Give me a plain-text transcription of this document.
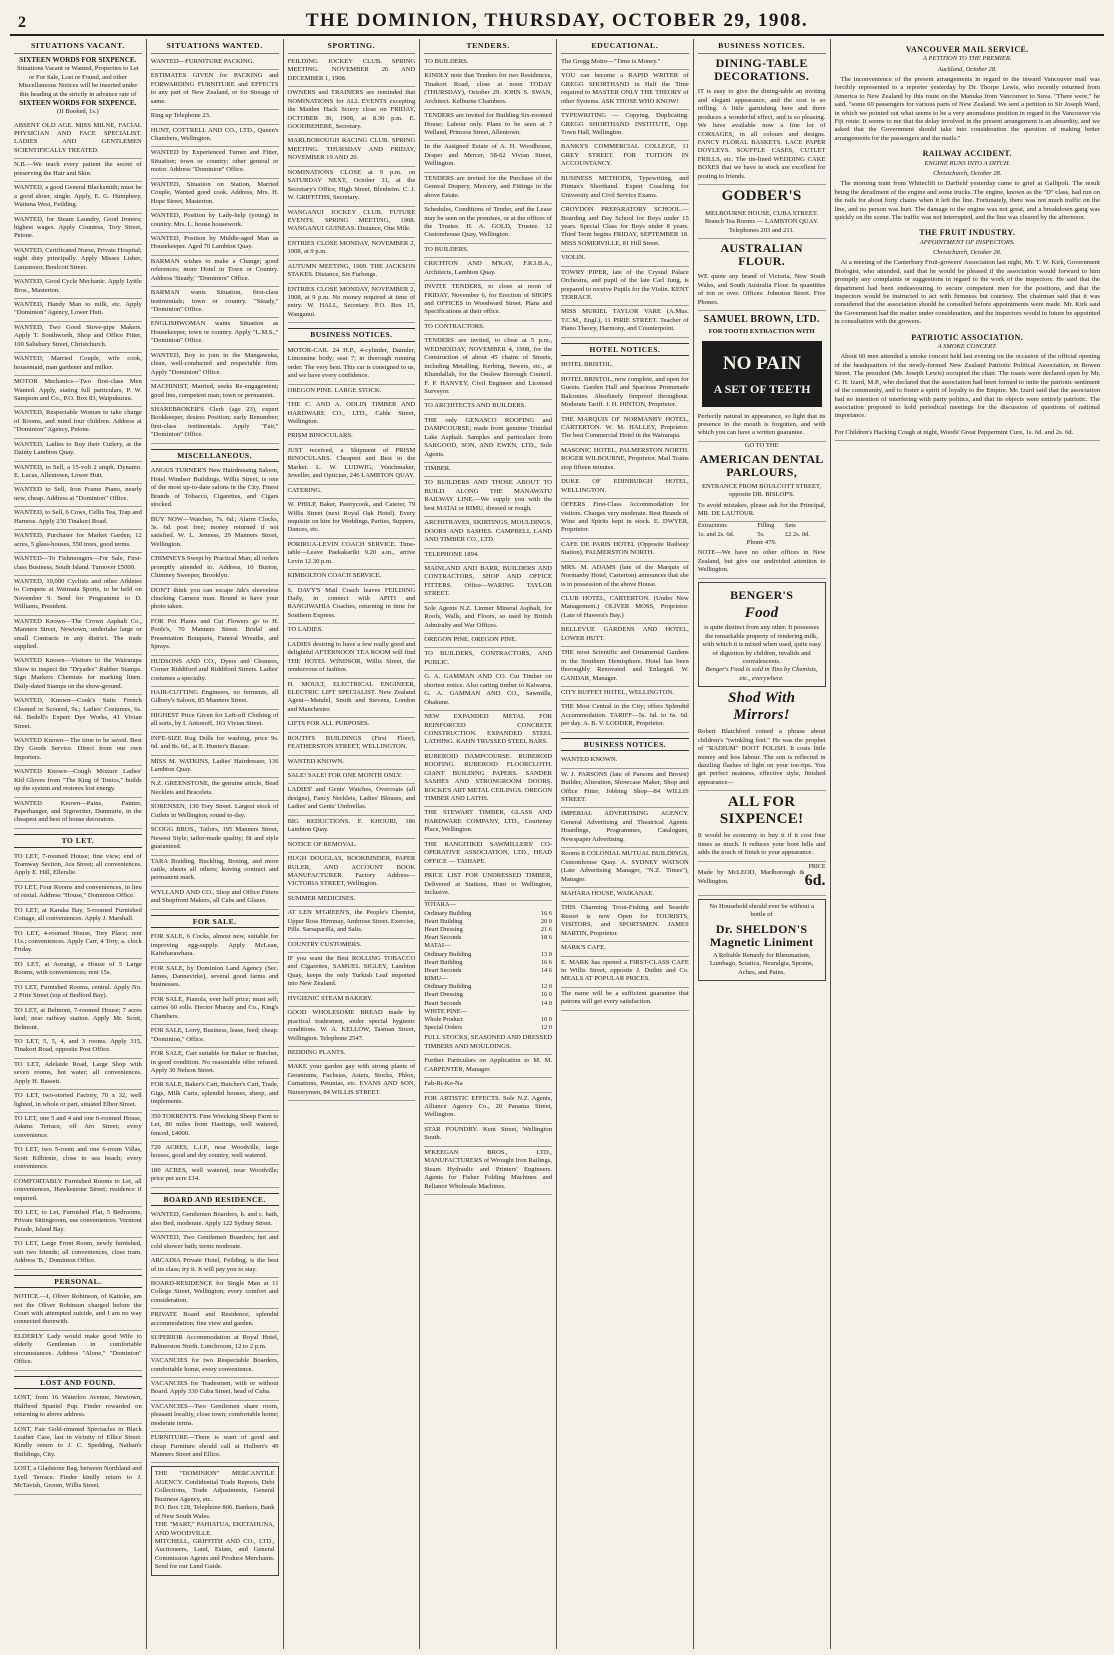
2	THE DOMINION, THURSDAY, OCTOBER 29, 1908.
SITUATIONS VACANT.
SIXTEEN WORDS FOR SIXPENCE.
Situations Vacant or Wanted, Properties to Let or For Sale, Lost or Found, and other Miscellaneous Notices will be inserted under this heading at the strictly in advance rate of
SIXTEEN WORDS FOR SIXPENCE.
(If Booked, 1s.)
ABSENT OLD AGE. MISS MILNE, FACIAL PHYSICIAN AND FACE SPECIALIST. LADIES AND GENTLEMEN SCIENTIFICALLY TREATED.
N.B.—We teach every patient the secret of preserving the Hair and Skin.
WANTED, a good General Blacksmith; must be a good shoer, single. Apply, E. G. Humphrey, Waituna West, Feilding.
WANTED, for Steam Laundry, Good Ironers; highest wages. Apply Countess, Tory Street, Petone.
WANTED, Certificated Nurse, Private Hospital; night duty principally. Apply Misses Lisher, Lamsmoor, Boulcott Street.
WANTED, Good Cycle Mechanic. Apply Lyttle Bros., Masterton.
WANTED, Handy Man to milk, etc. Apply "Dominion" Agency, Lower Hutt.
WANTED, Two Good Stove-pipe Makers. Apply T. Southworth, Shop and Office Fitter, 100 Salisbury Street, Christchurch.
WANTED, Married Couple, wife cook, housemaid, man gardener and milker.
MOTOR Mechanics—Two first-class Men Wanted. Apply, stating full particulars, P. W. Sampson and Co., P.O. Box 83, Waipukurau.
WANTED, Respectable Woman to take charge of Rooms, and mind four children. Address at "Dominion" Agency, Petone.
WANTED, Ladies to Buy their Cutlery, at the Dainty Lambton Quay.
WANTED, to Sell, a 15-volt 2 amph. Dynamo. E. Lucas, Allentown, Lower Hutt.
WANTED to Sell, Iron Frame Piano, nearly new, cheap. Address at "Dominion" Office.
WANTED, to Sell, 6 Cows, Cellis Tea, Trap and Harness. Apply 230 Tinakori Road.
WANTED, Purchaser for Market Garden, 12 acres, 5 glass-houses, 550 trees, good terms.
WANTED—To Fishmongers—For Sale, First-class Business, South Island. Turnover £5000.
WANTED, 10,000 Cyclists and other Athletes to Compete at Waimata Sports, to be held on November 9. Send for Programme to D. Williams, President.
WANTED Known—The Crown Asphalt Co., Manners Street, Newtown, undertake large or small Contracts in any district. The trade supplied.
WANTED Known—Visitors to the Wairarapa Show to inspect the "Dryades" Rubber Stamps. Sign Markers Chemists for marking linen. Daily-dated Stamps on the show-ground.
WANTED, Known—Cook's Suits French Cleaned or Scoured, 9s.; Ladies' Costumes, 6s. 6d. Bedell's Expert Dye Works, 41 Vivian Street.
WANTED Known—The time to be saved. Best Dry Goods Service. Direct from our own Importers.
WANTED Known—Cough Mixture Ladies' Kid Gloves from "The King of Tonics," builds up the system and restores lost energy.
WANTED Known—Pains, Painter, Paperhanger, and Signwriter, Dunmurie, in the cheapest and best of house decorators.
TO LET.
TO LET, 7-roomed House; fine view; end of Tramway Section, Ara Street; all conveniences. Apply E. Hill, Ellerslie.
TO LET, Four Rooms and conveniences, in lieu of rental. Address "House," Dominion Office.
TO LET, at Karaka Bay, 5-roomed Furnished Cottage, all conveniences. Apply J. Marshall.
TO LET, 4-roomed House, Tory Place; rent 11s.; conveniences. Apply Carr, 4 Tory, a. clock Friday.
TO LET, at Aorangi, a House of 5 Large Rooms, with conveniences; rent 15s.
TO LET, Furnished Rooms, central. Apply No. 2 Pirie Street (top of Bedford Bay).
TO LET, at Belmont, 7-roomed House; 7 acres land; near railway station. Apply Mr. Scott, Belmont.
TO LET, 5, 5, 4, and 3 rooms. Apply 315, Tinakori Road, opposite Post Office.
TO LET, Adelaide Road, Large Shop with seven rooms, hot water; all conveniences. Apply H. Bassett.
TO LET, two-storied Factory, 70 x 32, well lighted, in whole or part, situated Elbor Street.
TO LET, one 5 and 4 and one 6-roomed House, Adams Terrace, off Aro Street; every convenience.
TO LET, two 5-room and one 6-room Villas, Scott Kilbirnie, close to sea beach; every convenience.
COMFORTABLY Furnished Rooms to Let, all conveniences, Hawkestone Street; residence if required.
TO LET, to Let, Furnished Flat, 5 Bedrooms, Private Sittingroom, use conveniences. Vermont Parade, Island Bay.
TO LET, Large Front Room, newly furnished, suit two friends; all conveniences, close tram. Address 'B.,' Dominion Office.
PERSONAL.
NOTICE.—I, Oliver Robinson, of Kaitoke, am not the Oliver Robinson charged before the Court with attempted suicide, and I am no way connected therewith.
ELDERLY Lady would make good Wife to elderly Gentleman in comfortable circumstances. Address "Alone," "Dominion" Office.
LOST AND FOUND.
LOST, from 16 Waterloo Avenue, Newtown, Halfbred Spaniel Pup. Finder rewarded on returning to above address.
LOST, Fair Gold-rimmed Spectacles in Black Leather Case, last in vicinity of Ellice Street. Kindly return to J. C. Spedding, Nathan's Buildings, City.
LOST, a Gladstone Bag, between Northland and Lyell Terrace. Finder kindly return to J. McTavish, Groom, Willis Street.
SITUATIONS WANTED.
WANTED—FURNITURE PACKING.
ESTIMATES GIVEN for PACKING and FORWARDING FURNITURE and EFFECTS to any part of New Zealand, or for Storage of same.
Ring up Telephone 23.
HUNT, COTTRELL AND CO., LTD., Queen's Chambers, Wellington.
WANTED by Experienced Turner and Fitter, Situation; town or country; other general or motor. Address "Dominion" Office.
WANTED, Situation on Station, Married Couple, Wanted good cook. Address, Mrs. H. Hope Street, Masterton.
WANTED, Position by Lady-help (young) in country. Mrs. L. house housework.
WANTED, Position by Middle-aged Man as Housekeeper. Aged 70 Lambton Quay.
BARMAN wishes to make a Change; good references; more Hotel in Town or Country. Address 'Steady,' "Dominion" Office.
BARMAN wants Situation, first-class testimonials; town or country. "Steady," "Dominion" Office.
ENGLISHWOMAN wants Situation as Housekeeper, town or country. Apply "L.M.S.," "Dominion" Office.
WANTED, Boy to join in the Mangaweka, clean, well-conducted and respectable firm. Apply "Dominion" Office.
MACHINIST, Married, seeks Re-engagement; good line, competent man; town or permanent.
SHAREBROKER'S Clerk (age 23), expert Bookkeeper, desires Position; early Renumber; first-class testimonials. Apply "Fair," "Dominion" Office.
MISCELLANEOUS.
ANGUS TURNER'S New Hairdressing Saloon, Hotel Windsor Buildings, Willis Street, is one of the most up-to-date salons in the City. Finest Brands of Tobacco, Cigarettes, and Cigars stocked.
BUY NOW—Watches, 7s. 6d.; Alarm Clocks, 3s. 6d. post free; money returned if not satisfied. W. L. Jenness, 29 Manners Street, Wellington.
CHIMNEYS Swept by Practical Man; all orders promptly attended to. Address, 10 Burton, Chimney Sweeper, Brooklyn.
DON'T think you can escape Jak's sleeveless chucking Camera man. Bound to have your photo taken.
FOR Pot Plants and Cut Flowers go to H. Poole's, 70 Manners Street. Bridal and Presentation Bouquets, Funeral Wreaths, and Sprays.
HUDSONS AND CO., Dyers and Cleaners, Corner Riddiford and Riddiford Streets. Ladies' costumes a specialty.
HAIR-CUTTING Engineers, no ferments, all Gilbery's Saloon, 85 Manners Street.
HIGHEST Price Given for Left-off Clothing of all sorts, by I. Antonoff, 163 Vivian Street.
INFE-SIZE Rug Dolls for washing, price 9s. 6d. and 8s. 6d., at E. Hunter's Bazaar.
MISS M. WATKINS, Ladies' Hairdresser, 136 Lambton Quay.
N.Z. GREENSTONE, the genuine article, Bead Necklets and Bracelets.
SORENSEN, 130 Tory Street. Largest stock of Cutlets in Wellington, round to-day.
SCOGG BROS., Tailors, 195 Manners Street, Newest Style; tailor-made quality; fit and style guaranteed.
TARA Braiding, Buckling, Boxing, and more cattle, sheets all others; leaving contract and permanent mark.
WYLLAND AND CO., Shop and Office Fitters and Shopfront Makers, all Cabs and Glazes.
FOR SALE.
FOR SALE, 6 Cocks, almost new, suitable for improving egg-supply. Apply McLean, Kaiwharawhara.
FOR SALE, by Dominion Land Agency (Sec. James, Dannevirke), several good farms and businesses.
FOR SALE, Pianola, ever half price; must sell; carries 60 rolls. Hector Murray and Co., King's Chambers.
FOR SALE, Lorry, Business, lease, feed; cheap. "Dominion," Office.
FOR SALE, Cart suitable for Baker or Butcher, in good condition. No reasonable offer refused. Apply 30 Nelson Street.
FOR SALE, Baker's Cart, Butcher's Cart, Trade, Gigs, Milk Carts, splendid houses, sheep, and implements.
350 TORRENTS. Fine Wrecking Sheep Farm to Let, 80 miles from Hastings, well watered, fenced, £4000.
720 ACRES, L.I.P., near Woodville, large houses, good and dry country, well watered.
180 ACRES, well watered, near Woodville; price per acre £14.
BOARD AND RESIDENCE.
WANTED, Gentlemen Boarders, h. and c. bath, also Bed, moderate. Apply 122 Sydney Street.
WANTED, Two Gentlemen Boarders; hot and cold shower bath; terms moderate.
ARCADIA Private Hotel, Feilding, is the best of its class; try it. It will pay you to stay.
BOARD-RESIDENCE for Single Man at 11 College Street, Wellington; every comfort and consideration.
PRIVATE Board and Residence; splendid accommodation; fine view and garden.
SUPERIOR Accommodation at Royal Hotel, Palmerston North. Lunchroom, 12 to 2 p.m.
VACANCIES for two Respectable Boarders, comfortable home, every convenience.
VACANCIES for Tradesmen, with or without Board. Apply 330 Cuba Street, head of Cuba.
VACANCIES—Two Gentlemen share room, pleasant locality, close town; comfortable home; moderate terms.
FURNITURE—There is want of good and cheap Furniture should call at Hulbert's 49 Manners Street and Ellice.
THE "DOMINION" MERCANTILE AGENCY. Confidential Trade Reports, Debt Collections, Trade Adjustments, General Business Agency, etc.
P.O. Box 128, Telephone 806. Bankers, Bank of New South Wales.
THE "MART," PAHIATUA, EKETAHUNA, AND WOODVILLE.
MITCHELL, GRIFFITH AND CO., LTD., Auctioneers, Land, Estate, and General Commission Agents and Produce Merchants. Send for our Land Guide.
SPORTING.
FEILDING JOCKEY CLUB. SPRING MEETING. NOVEMBER 26 AND DECEMBER 1, 1908.
OWNERS and TRAINERS are reminded that NOMINATIONS for ALL EVENTS excepting the Maiden Hack Scurry close on FRIDAY, OCTOBER 30, 1908, at 8.30 p.m. E. GOODBEHERE, Secretary.
MARLBOROUGH RACING CLUB. SPRING MEETING. THURSDAY AND FRIDAY, NOVEMBER 19 AND 20.
NOMINATIONS CLOSE at 9 p.m. on SATURDAY NEXT, October 31, at the Secretary's Office, High Street, Blenheim. C. J. W. GRIFFITHS, Secretary.
WANGANUI JOCKEY CLUB. FUTURE EVENTS. SPRING MEETING, 1908. WANGANUI GUINEAS. Distance, One Mile.
ENTRIES CLOSE MONDAY, NOVEMBER 2, 1908, at 9 p.m.
AUTUMN MEETING, 1909. THE JACKSON STAKES. Distance, Six Furlongs.
ENTRIES CLOSE MONDAY, NOVEMBER 2, 1908, at 9 p.m. No money required at time of entry. W. HALL, Secretary. P.O. Box 15, Wanganui.
BUSINESS NOTICES.
MOTOR-CAR. 24 H.P., 4-cylinder, Daimler, Limousine body; seat 7; in thorough running order. The very best. This car is consigned to us, and we have every confidence.
OREGON PINE. LARGE STOCK.
THE C. AND A. ODLIN TIMBER AND HARDWARE CO., LTD., Cable Street, Wellington.
PRISM BINOCULARS.
JUST received, a Shipment of PRISM BINOCULARS. Cheapest and Best in the Market. L. W. LUDWIG, Watchmaker, Jeweller, and Optician, 246 LAMBTON QUAY.
CATERING.
W. PHILP, Baker, Pastrycook, and Caterer, 79 Willis Street (next Royal Oak Hotel). Every requisite on hire for Weddings, Parties, Suppers, Dances, etc.
PORIRUA-LEVIN COACH SERVICE. Time-table—Leave Paekakariki 9.20 a.m., arrive Levin 12.30 p.m.
KIMBOLTON COACH SERVICE.
S. DAVY'S Mail Coach leaves FEILDING Daily, in connect with APITI and RANGIWAHIA Coaches, returning in time for Southern Express.
TO LADIES.
LADIES desiring to have a few really good and delightful AFTERNOON TEA ROOM will find THE HOTEL WINDSOR, Willis Street, the rendezvous of fashion.
H. MOULT, ELECTRICAL ENGINEER, ELECTRIC LIFT SPECIALIST. New Zealand Agent—Mendel, Smith and Stevens, London and Manchester.
LIFTS FOR ALL PURPOSES.
ROUTH'S BUILDINGS (First Floor), FEATHERSTON STREET, WELLINGTON.
WANTED KNOWN.
SALE! SALE! FOR ONE MONTH ONLY.
LADIES' and Gents' Watches, Overcoats (all designs), Fancy Necklets, Ladies' Blouses, and Ladies' and Gents' Umbrellas.
BIG REDUCTIONS. F. KHOURI, 186 Lambton Quay.
NOTICE OF REMOVAL.
HUGH DOUGLAS, BOOKBINDER, PAPER RULER, AND ACCOUNT BOOK MANUFACTURER. Factory Address—VICTORIA STREET, Wellington.
SUMMER MEDICINES.
AT LEN M'GREEN'S, the People's Chemist, Upper Ross Hirmnay, Ambrose Street. Exercise, Pills. Sarsaparilla, and Salts.
COUNTRY CUSTOMERS.
IF you want the Best ROLLING TOBACCO and Cigarettes, SAMUEL SIGLEY, Lambton Quay, keeps the only Turkish Leaf imported into New Zealand.
HYGIENIC STEAM BAKERY.
GOOD WHOLESOME BREAD made by practical tradesmen, under special hygienic conditions. W. A. KELLOW, Tasman Street, Wellington. Telephone 2547.
BEDDING PLANTS.
MAKE your garden gay with strong plants of Geraniums, Fuchsias, Asters, Stocks, Phlox, Carnations, Petunias, etc. EVANS AND SON, Nurserymen, 84 WILLIS STREET.
TENDERS.
TO BUILDERS.
KINDLY note that Tenders for two Residences, Tinakori Road, close at noon TODAY (THURSDAY), October 29. JOHN S. SWAN, Architect. Kelburne Chambers.
TENDERS are invited for Building Six-roomed House; Labour only. Plans to be seen at 7 Welland, Princess Street, Allentown.
In the Assigned Estate of A. H. Woodhouse, Draper and Mercer, 58-62 Vivian Street, Wellington.
TENDERS are invited for the Purchase of the General Drapery, Mercery, and Fittings in the above Estate.
Schedules, Conditions of Tender, and the Lease may be seen on the premises, or at the offices of the Trustee. H. A. GOLD, Trustee. 12 Customhouse Quay, Wellington.
TO BUILDERS.
CRICHTON AND M'KAY, F.R.I.B.A., Architects, Lambton Quay.
INVITE TENDERS, to close at noon of FRIDAY, November 6, for Erection of SHOPS and OFFICES in Woodward Street. Plans and Specifications at their office.
TO CONTRACTORS.
TENDERS are invited, to close at 5 p.m., WEDNESDAY, NOVEMBER 4, 1908, for the Construction of about 45 chains of Streets, including Metalling, Kerbing, Sewers, etc., at Khandallah, for the Onslow Borough Council. F. P. HANVEY, Civil Engineer and Licensed Surveyor.
TO ARCHITECTS AND BUILDERS.
THE only GENASCO ROOFING and DAMPCOURSE; made from genuine Trinidad Lake Asphalt. Samples and particulars from SARGOOD, SON, AND EWEN, LTD., Sole Agents.
TIMBER.
TO BUILDERS AND THOSE ABOUT TO BUILD ALONG THE MANAWATU RAILWAY LINE.—We supply you with the best MATAI or RIMU, dressed or rough.
ARCHITRAVES, SKIRTINGS, MOULDINGS, DOORS AND SASHES. CAMPBELL LAND AND TIMBER CO., LTD.
TELEPHONE 1894.
MAINLAND AND BARR, BUILDERS AND CONTRACTORS, SHOP AND OFFICE FITTERS. Office—WARING TAYLOR STREET.
Sole Agents N.Z. Linmer Mineral Asphalt, for Roofs, Walls, and Floors, so used by British Admiralty and War Offices.
OREGON PINE. OREGON PINE.
TO BUILDERS, CONTRACTORS, AND PUBLIC.
G. A. GAMMAN AND CO. Cut Timber on shortest notice. Also carting timber to Kaiwarra. G. A. GAMMAN AND CO., Sawmills, Ohakune.
NEW EXPANDED METAL FOR REINFORCED CONCRETE CONSTRUCTION. EXPANDED STEEL LATHING. KAHN TRUSSED STEEL BARS.
RUBEROID DAMPCOURSE. RUBEROID ROOFING. RUBEROID FLOORCLOTH. GIANT BUILDING PAPERS. SANDER SASHES AND STRONGROOM DOORS. ROCKE'S ART METAL CEILINGS. OREGON TIMBER AND LATHS.
THE STEWART TIMBER, GLASS AND HARDWARE COMPANY, LTD., Courtenay Place, Wellington.
THE RANGITIKEI SAWMILLERS' CO-OPERATIVE ASSOCIATION, LTD., HEAD OFFICE — TAIHAPE.
PRICE LIST FOR UNDRESSED TIMBER, Delivered at Stations, Hunt to Wellington, inclusive.
TOTARA—	
Ordinary Building	16 6
Heart Building	20 0
Heart Dressing	21 6
Heart Seconds	18 6
MATAI—	
Ordinary Building	13 0
Heart Building	16 6
Heart Seconds	14 6
RIMU—	
Ordinary Building	12 0
Heart Dressing	16 0
Heart Seconds	14 0
WHITE PINE—	
Whole Product	10 0
Special Orders	12 0
FULL STOCKS, SEASONED AND DRESSED TIMBERS AND MOULDINGS.
Further Particulars on Application to M. M. CARPENTER, Manager.
Fab-Ri-Ko-Na
FOR ARTISTIC EFFECTS. Sole N.Z. Agents, Alliance Agency Co., 20 Panama Street, Wellington.
STAR FOUNDRY. Kent Street, Wellington South.
M'KEEGAN BROS., LTD., MANUFACTURERS of Wrought Iron Railings, Steam Hydraulic and Printers' Engineers. Agents for Fisher Folding Machines and Reliance Wholesale Machines.
EDUCATIONAL.
The Gregg Motto—"Time is Money."
YOU can become a RAPID WRITER of GREGG SHORTHAND in Half the Time required to MASTER ONLY THE THEORY of other Systems. ASK THOSE WHO KNOW!
TYPEWRITING — Copying, Duplicating. GREGG SHORTHAND INSTITUTE, Opp. Town Hall, Wellington.
BANKS'S COMMERCIAL COLLEGE, 11 GREY STREET. FOR TUITION IN ACCOUNTANCY.
BUSINESS METHODS, Typewriting, and Pitman's Shorthand. Expert Coaching for University and Civil Service Exams.
CROYDON PREPARATORY SCHOOL.—Boarding and Day School for Boys under 15 years. Special Class for Boys under 8 years. Third Term begins FRIDAY, SEPTEMBER 18. MISS SOMERVILLE, 81 Hill Street.
VIOLIN.
TOWRY PIPER, late of the Crystal Palace Orchestra, and pupil of the late Carl Jung, is prepared to receive Pupils for the Violin. KENT TERRACE.
MISS MURIEL TAYLOR VARE (A.Mus. T.C.M., Engl.), 11 PIRIE STREET. Teacher of Piano Theory, Harmony, and Counterpoint.
HOTEL NOTICES.
HOTEL BRISTOL.
HOTEL BRISTOL, now complete, and open for Guests. Garden Hall and Spacious Promenade Balconies. Absolutely fireproof throughout. Moderate Tariff. J. H. HINTON, Proprietor.
THE MARQUIS OF NORMANBY HOTEL, CARTERTON. W. M. HALLEY, Proprietor. The best Commercial Hotel in the Wairarapa.
MASONIC HOTEL, PALMERSTON NORTH. ROGER WILBOURNE, Proprietor. Mail Trains stop fifteen minutes.
DUKE OF EDINBURGH HOTEL, WELLINGTON.
OFFERS First-Class Accommodation for visitors. Charges very moderate. Best Brands of Wine and Spirits kept in stock. E. DWYER, Proprietor.
CAFE DE PARIS HOTEL (Opposite Railway Station), PALMERSTON NORTH.
MRS. M. ADAMS (late of the Marquis of Normanby Hotel, Carterton) announces that she is in possession of the above House.
CLUB HOTEL, CARTERTON. (Under New Management.) OLIVER MOSS, Proprietor. (Late of Hawera's Bay.)
BELLEVUE GARDENS AND HOTEL, LOWER HUTT.
THE most Scientific and Ornamental Gardens in the Southern Hemisphere. Hotel has been thoroughly Renovated and Enlarged. W. GANDAR, Manager.
CITY BUFFET HOTEL, WELLINGTON.
THE Most Central in the City; offers Splendid Accommodation. TARIFF—5s. 6d. to 6s. 6d. per day. A. B. V. LODDER, Proprietor.
BUSINESS NOTICES.
WANTED KNOWN.
W. J. PARSONS (late of Parsons and Brown) Builder, Alteration, Showcase Maker, Shop and Office Fitter, Jobbing Shop—84 WILLIS STREET.
IMPERIAL ADVERTISING AGENCY. General Advertising and Theatrical Agents. Hoardings, Programmes, Catalogues, Newspaper Advertising.
Rooms 8 COLONIAL MUTUAL BUILDINGS, Customhouse Quay. A. SYDNEY WATSON (Late Advertising Manager, "N.Z. Times"), Manager.
MAHARA HOUSE, WAIKANAE.
THIS Charming Trout-Fishing and Seaside Resort is now Open for TOURISTS, VISITORS, and SPORTSMEN. JAMES MARTIN, Proprietor.
MARK'S CAFE.
E. MARK has opened a FIRST-CLASS CAFE in Willis Street, opposite J. Duthie and Co. MEALS AT POPULAR PRICES.
The name will be a sufficient guarantee that patrons will get every satisfaction.
BUSINESS NOTICES.
DINING-TABLE DECORATIONS.
IT is easy to give the dining-table an inviting and elegant appearance, and the cost is so trifling. A little garnishing here and there produces a wonderful effect, and is so pleasing. We have available now a fine lot of CORSAGES, in all colours and designs. FANCY FLORAL BASKETS. LACE PAPER DOYLEYS. SOUFFLE CASES, CUTLET FRILLS, etc. The tin-lined WEDDING CAKE BOXES that we have in stock are excellent for posting to friends.
GODBER'S
MELBOURNE HOUSE, CUBA STREET. Branch Tea Rooms — LAMBTON QUAY. Telephones 203 and 211.
AUSTRALIAN FLOUR.
WE quote any brand of Victoria, New South Wales, and South Australia Flour. In quantities of ton or over. Offices: Johnston Street. Five Phones.
SAMUEL BROWN, LTD.
FOR TOOTH EXTRACTION WITH
NO PAIN
A SET OF TEETH
Perfectly natural in appearance, so light that its presence in the mouth is forgotten, and with which you can have a written guarantee.
GO TO THE
AMERICAN DENTAL PARLOURS,
ENTRANCE FROM BOULCOTT STREET, opposite DR. BISLOP'S.
To avoid mistakes, please ask for the Principal, MR. DE LAUTOUR.
Extractions	Filling	Sets
1s. and 2s. 6d.	5s.	£2 2s. 0d.
Phone 479.
NOTE—We have no other offices in New Zealand, but give our undivided attention to Wellington.
BENGER'S
Food
is quite distinct from any other. It possesses the remarkable property of rendering milk, with which it is mixed when used, quite easy of digestion by children, invalids and convalescents.
Benger's Food is sold in Tins by Chemists, etc., everywhere.
Shod With Mirrors!
Robert Blatchford coined a phrase about children's "twinkling feet." He was the prophet of "RADIUM" BOOT POLISH. It costs little money and less labour. The sun is reflected in dazzling flashes of light on your toe-tips. You get perfect neatness, effective style, finished appearance—
ALL FOR SIXPENCE!
It would be economy to buy it if it cost four times as much. It reduces your boot bills and adds the touch of finish to your appearance.
Made by McLEOD, Marlborough & Wellington.
PRICE
6d.
No Household should ever be without a bottle of
Dr. SHELDON'S Magnetic Liniment
A Reliable Remedy for Rheumatism, Lumbago, Sciatica, Neuralgia, Sprains, Aches, and Pains.
VANCOUVER MAIL SERVICE.
A PETITION TO THE PREMIER.
Auckland, October 28.
The inconvenience of the present arrangements in regard to the inward Vancouver mail was forcibly represented to a reporter yesterday by Dr. Thorpe Lewis, who recently returned from America to New Zealand by this route on the Manuka from Vancouver to Suva. "There were," he said, "some 60 passengers for various parts of New Zealand. We sent a petition to Sir Joseph Ward, in which we pointed out what seems to be a very anomalous position in regard to the Vancouver via Fiji route. It seems to me that the delay involved in the present arrangement is an absurdity, and we asked that the Government should take into consideration the question of making better arrangements for the passengers and the mails."
RAILWAY ACCIDENT.
ENGINE RUNS INTO A DITCH.
Christchurch, October 28.
The morning train from Whiteclift to Darfield yesterday came to grief at Gallipoli. The result being the derailment of the engine and some trucks. The engine, known as the "D" class, had run on the rails for about forty chains when it left the line. Fortunately, there was not much traffic on the line, and no person was hurt. The damage to the engine was not great, and a breakdown gang was quickly on the scene. The traffic was not interrupted, and the line was cleared by the afternoon.
THE FRUIT INDUSTRY.
APPOINTMENT OF INSPECTORS.
Christchurch, October 28.
At a meeting of the Canterbury Fruit-growers' Association last night, Mr. T. W. Kirk, Government Biologist, who attended, said that he would be pleased if the association would forward to him promptly any complaints or suggestions in regard to the work of the inspectors. He said that the department had been endeavouring to secure competent men for the positions, and that the inspectors would be instructed to act with firmness but courtesy. The chairman said that it was considered that the association should be consulted before appointments were made. Mr. Kirk said the Government had the matter under consideration, and the inspectors would in future be appointed in consultation with the growers.
PATRIOTIC ASSOCIATION.
A SMOKE CONCERT.
About 60 men attended a smoke concert held last evening on the occasion of the official opening of the headquarters of the newly-formed New Zealand Patriotic Political Association, in Bowen Street. The president (Mr. Joseph Lewis) occupied the chair. The toasts were declared open by Mr. C. H. Izard, M.P., who declared that the association had been formed to unite the patriotic sentiment of the community, and to foster a spirit of loyalty to the Empire. Mr. Izard said that the association had no intention of interfering with party politics, and that its objects were entirely patriotic. The association proposed to hold periodical meetings for the discussion of questions of national importance.
For Children's Hacking Cough at night, Woods' Great Peppermint Cure, 1s. 6d. and 2s. 6d.
